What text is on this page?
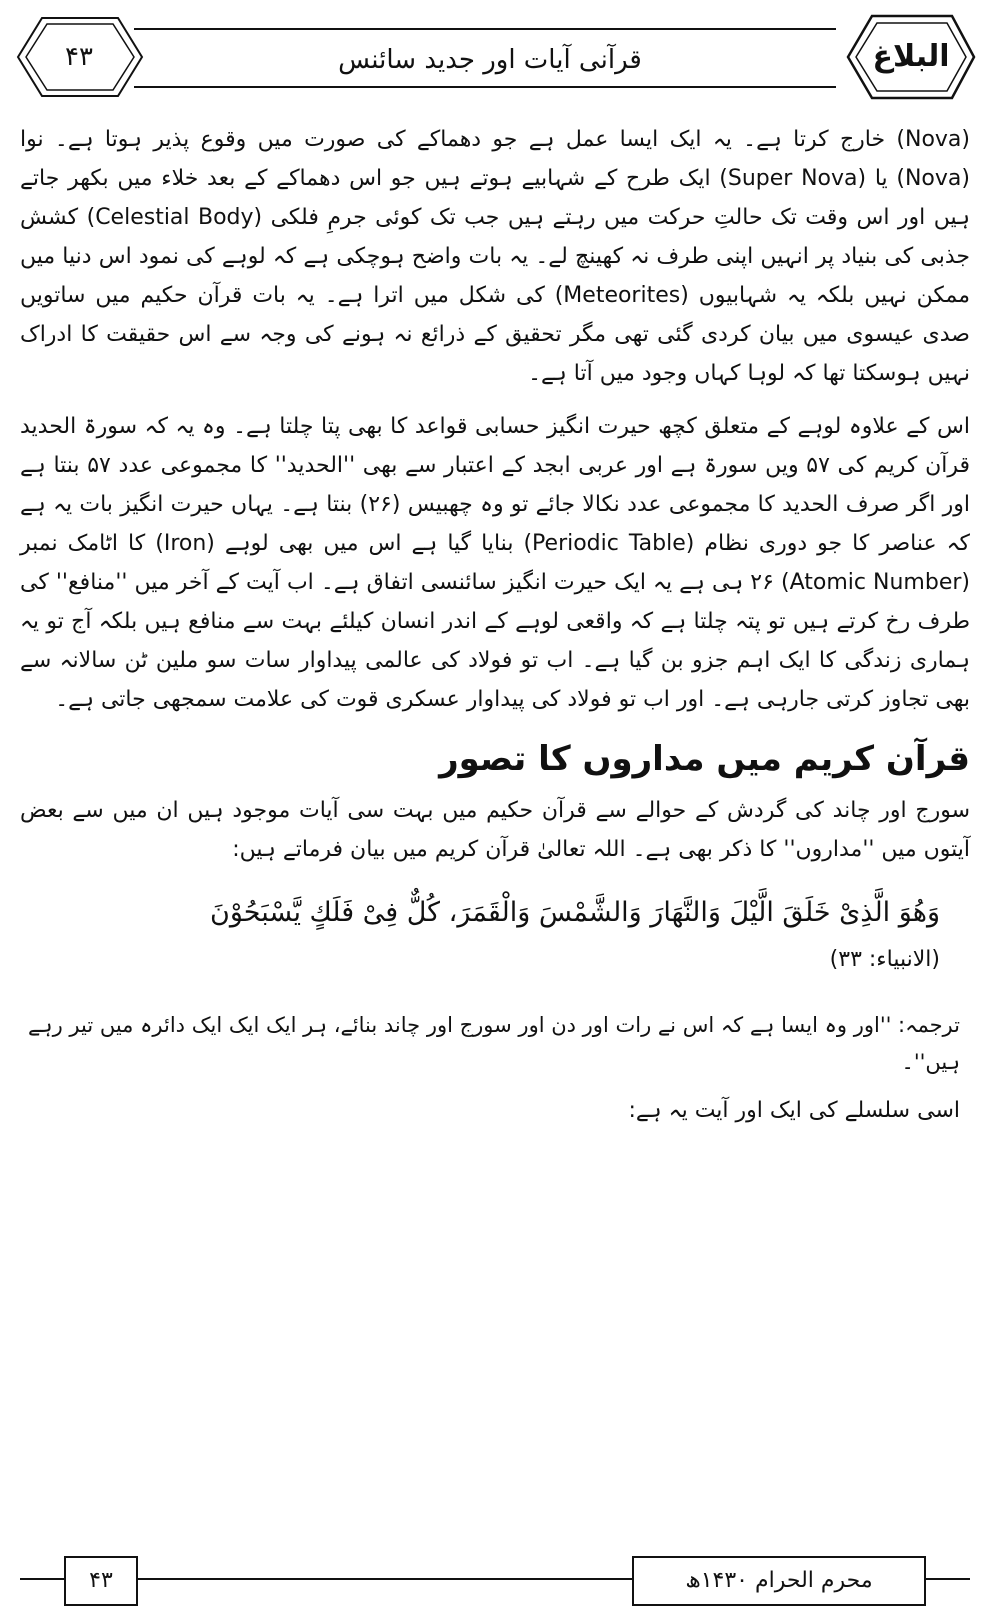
۴۳	قرآنی آیات اور جدید سائنس	البلاغ

(Nova) خارج کرتا ہے۔ یہ ایک ایسا عمل ہے جو دھماکے کی صورت میں وقوع پذیر ہوتا ہے۔ نوا (Nova) یا (Super Nova) ایک طرح کے شہابیے ہوتے ہیں جو اس دھماکے کے بعد خلاء میں بکھر جاتے ہیں اور اس وقت تک حالتِ حرکت میں رہتے ہیں جب تک کوئی جرمِ فلکی (Celestial Body) کشش جذبی کی بنیاد پر انہیں اپنی طرف نہ کھینچ لے۔ یہ بات واضح ہوچکی ہے کہ لوہے کی نمود اس دنیا میں ممکن نہیں بلکہ یہ شہابیوں (Meteorites) کی شکل میں اترا ہے۔ یہ بات قرآن حکیم میں ساتویں صدی عیسوی میں بیان کردی گئی تھی مگر تحقیق کے ذرائع نہ ہونے کی وجہ سے اس حقیقت کا ادراک نہیں ہوسکتا تھا کہ لوہا کہاں وجود میں آتا ہے۔

اس کے علاوہ لوہے کے متعلق کچھ حیرت انگیز حسابی قواعد کا بھی پتا چلتا ہے۔ وہ یہ کہ سورۃ الحدید قرآن کریم کی ۵۷ ویں سورۃ ہے اور عربی ابجد کے اعتبار سے بھی ''الحدید'' کا مجموعی عدد ۵۷ بنتا ہے اور اگر صرف الحدید کا مجموعی عدد نکالا جائے تو وہ چھبیس (۲۶) بنتا ہے۔ یہاں حیرت انگیز بات یہ ہے کہ عناصر کا جو دوری نظام (Periodic Table) بنایا گیا ہے اس میں بھی لوہے (Iron) کا اٹامک نمبر (Atomic Number) ۲۶ ہی ہے یہ ایک حیرت انگیز سائنسی اتفاق ہے۔ اب آیت کے آخر میں ''منافع'' کی طرف رخ کرتے ہیں تو پتہ چلتا ہے کہ واقعی لوہے کے اندر انسان کیلئے بہت سے منافع ہیں بلکہ آج تو یہ ہماری زندگی کا ایک اہم جزو بن گیا ہے۔ اب تو فولاد کی عالمی پیداوار سات سو ملین ٹن سالانہ سے بھی تجاوز کرتی جارہی ہے۔ اور اب تو فولاد کی پیداوار عسکری قوت کی علامت سمجھی جاتی ہے۔

قرآن کریم میں مداروں کا تصور

سورج اور چاند کی گردش کے حوالے سے قرآن حکیم میں بہت سی آیات موجود ہیں ان میں سے بعض آیتوں میں ''مداروں'' کا ذکر بھی ہے۔ اللہ تعالیٰ قرآن کریم میں بیان فرماتے ہیں:

وَهُوَ الَّذِىْ خَلَقَ الَّيْلَ وَالنَّهَارَ وَالشَّمْسَ وَالْقَمَرَ، كُلٌّ فِىْ فَلَكٍ يَّسْبَحُوْنَ

(الانبیاء: ۳۳)

ترجمہ: ''اور وہ ایسا ہے کہ اس نے رات اور دن اور سورج اور چاند بنائے، ہر ایک ایک ایک دائرہ میں تیر رہے ہیں''۔

اسی سلسلے کی ایک اور آیت یہ ہے:

۴۳	محرم الحرام ۱۴۳۰ھ
